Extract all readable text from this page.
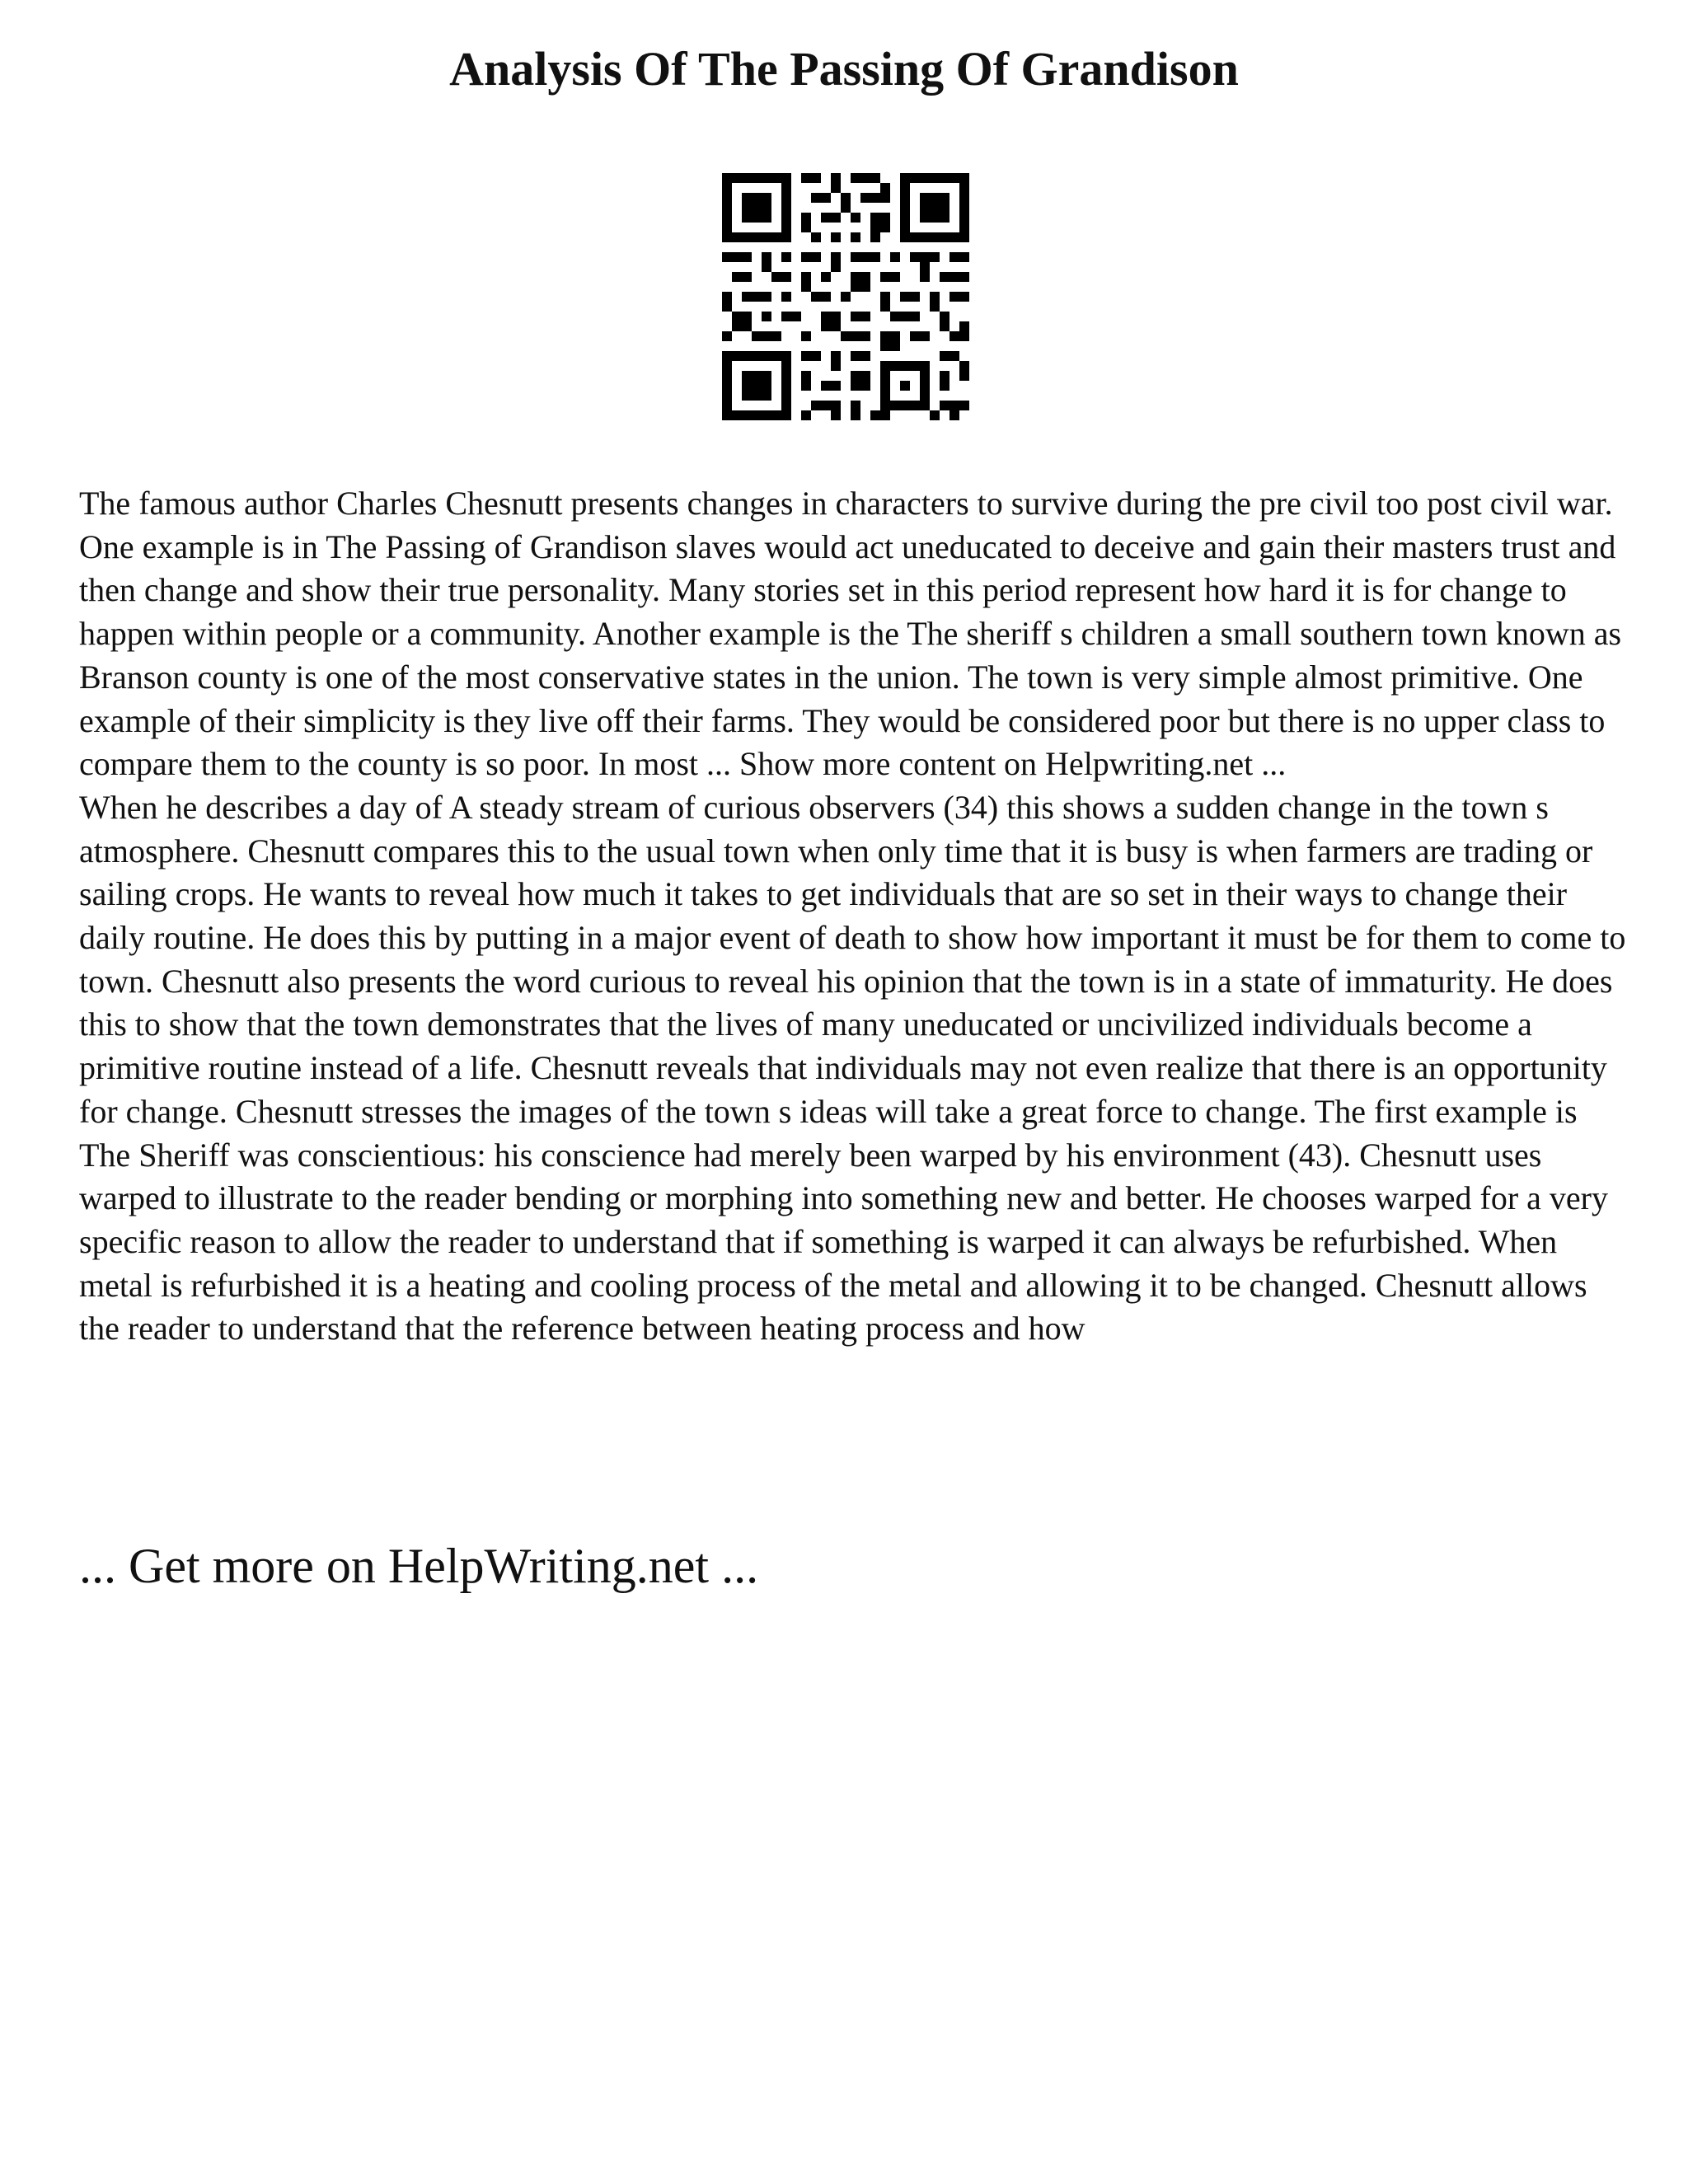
Analysis Of The Passing Of Grandison

The famous author Charles Chesnutt presents changes in characters to survive during the pre civil too post civil war. One example is in The Passing of Grandison slaves would act uneducated to deceive and gain their masters trust and then change and show their true personality. Many stories set in this period represent how hard it is for change to happen within people or a community. Another example is the The sheriff s children a small southern town known as Branson county is one of the most conservative states in the union. The town is very simple almost primitive. One example of their simplicity is they live off their farms. They would be considered poor but there is no upper class to compare them to the county is so poor. In most ... Show more content on Helpwriting.net ...

When he describes a day of A steady stream of curious observers (34) this shows a sudden change in the town s atmosphere. Chesnutt compares this to the usual town when only time that it is busy is when farmers are trading or sailing crops. He wants to reveal how much it takes to get individuals that are so set in their ways to change their daily routine. He does this by putting in a major event of death to show how important it must be for them to come to town. Chesnutt also presents the word curious to reveal his opinion that the town is in a state of immaturity. He does this to show that the town demonstrates that the lives of many uneducated or uncivilized individuals become a primitive routine instead of a life. Chesnutt reveals that individuals may not even realize that there is an opportunity for change. Chesnutt stresses the images of the town s ideas will take a great force to change. The first example is The Sheriff was conscientious: his conscience had merely been warped by his environment (43). Chesnutt uses warped to illustrate to the reader bending or morphing into something new and better. He chooses warped for a very specific reason to allow the reader to understand that if something is warped it can always be refurbished. When metal is refurbished it is a heating and cooling process of the metal and allowing it to be changed. Chesnutt allows the reader to understand that the reference between heating process and how

... Get more on HelpWriting.net ...
